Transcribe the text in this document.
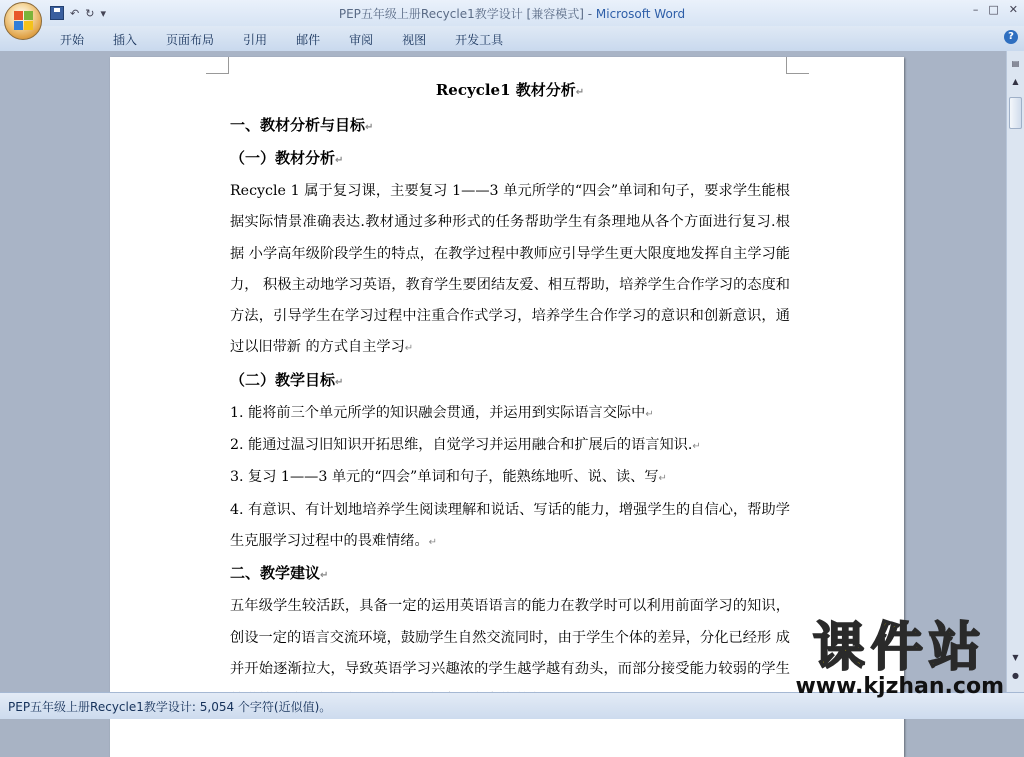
↶ ↻ ▾	PEP五年级上册Recycle1教学设计 [兼容模式] - Microsoft Word	– □ ✕
开始 插入 页面布局 引用 邮件 审阅 视图 开发工具	?
Recycle1 教材分析↵
一、教材分析与目标↵
（一）教材分析↵
Recycle 1 属于复习课，主要复习 1——3 单元所学的“四会”单词和句子，要求学生能根据实际情景准确表达.教材通过多种形式的任务帮助学生有条理地从各个方面进行复习.根据 小学高年级阶段学生的特点，在教学过程中教师应引导学生更大限度地发挥自主学习能力， 积极主动地学习英语，教育学生要团结友爱、相互帮助，培养学生合作学习的态度和方法，引导学生在学习过程中注重合作式学习，培养学生合作学习的意识和创新意识，通过以旧带新 的方式自主学习↵
（二）教学目标↵
1. 能将前三个单元所学的知识融会贯通，并运用到实际语言交际中↵
2. 能通过温习旧知识开拓思维，自觉学习并运用融合和扩展后的语言知识.↵
3. 复习 1——3 单元的“四会”单词和句子，能熟练地听、说、读、写↵
4. 有意识、有计划地培养学生阅读理解和说话、写话的能力，增强学生的自信心，帮助学生克服学习过程中的畏难情绪。↵
二、教学建议↵
五年级学生较活跃，具备一定的运用英语语言的能力在教学时可以利用前面学习的知识，创设一定的语言交流环境，鼓励学生自然交流同时，由于学生个体的差异，分化已经形 成并开始逐渐拉大，导致英语学习兴趣浓的学生越学越有劲头，而部分接受能力较弱的学生
▤
▲
▼
●
PEP五年级上册Recycle1教学设计: 5,054 个字符(近似值)。
课件站
www.kjzhan.com
